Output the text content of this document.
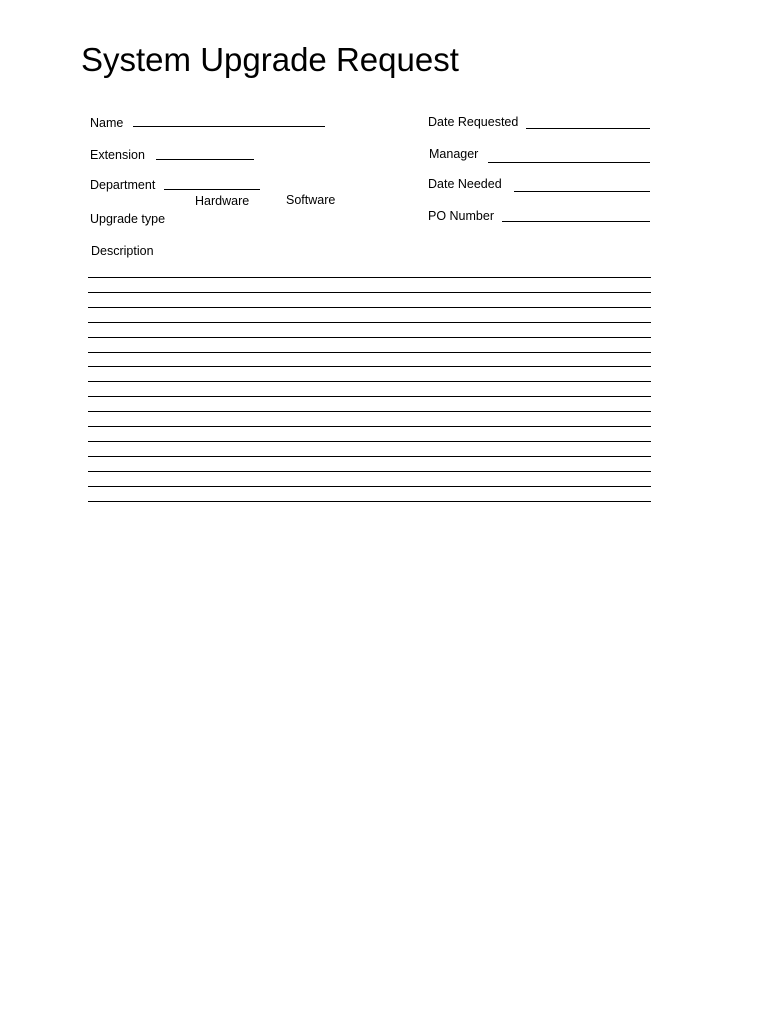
System Upgrade Request
Name
Extension
Department
Hardware	Software
Upgrade type
Description
Date Requested
Manager
Date Needed
PO Number
